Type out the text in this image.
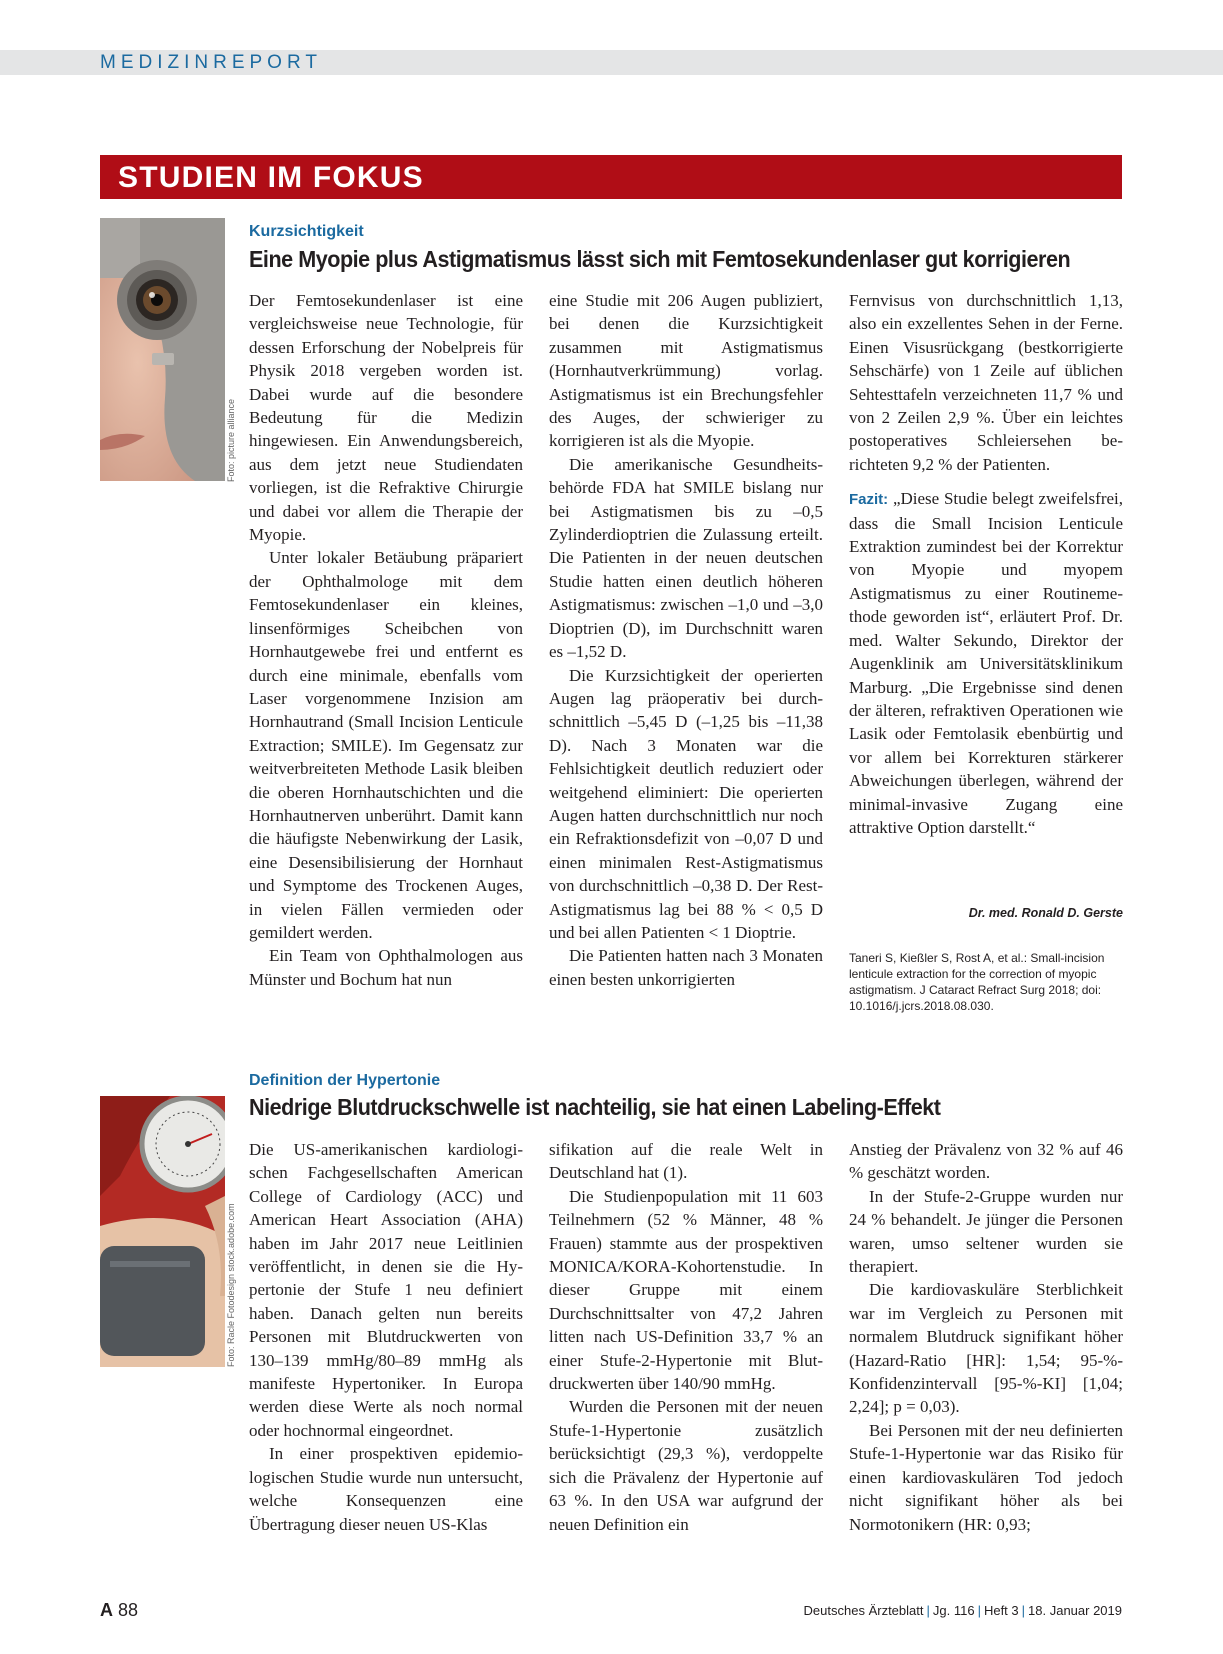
MEDIZINREPORT
STUDIEN IM FOKUS
Foto: picture alliance
Kurzsichtigkeit
Eine Myopie plus Astigmatismus lässt sich mit Femtosekundenlaser gut korrigieren

Der Femtosekundenlaser ist eine vergleichsweise neue Technologie, für dessen Erforschung der Nobelpreis für Physik 2018 vergeben worden ist. Dabei wurde auf die besondere Bedeutung für die Medizin hingewiesen. Ein Anwendungsbereich, aus dem jetzt neue Studiendaten vorliegen, ist die Refraktive Chirurgie und dabei vor allem die Therapie der Myopie.

Unter lokaler Betäubung präpariert der Ophthalmologe mit dem Femtosekundenlaser ein kleines, linsenförmiges Scheibchen von Hornhautgewebe frei und entfernt es durch eine minimale, ebenfalls vom Laser vorgenommene Inzision am Hornhautrand (Small Incision Lenticule Extraction; SMILE). Im Gegensatz zur weitverbreiteten Methode Lasik bleiben die oberen Hornhautschichten und die Hornhautnerven unberührt. Damit kann die häufigste Nebenwirkung der Lasik, eine Desensibilisierung der Hornhaut und Symptome des Trockenen Auges, in vielen Fällen vermieden oder gemildert werden.

Ein Team von Ophthalmologen aus Münster und Bochum hat nun

eine Studie mit 206 Augen publiziert, bei denen die Kurzsichtigkeit zusammen mit Astigmatismus (Hornhautverkrümmung) vorlag. Astigmatismus ist ein Brechungsfehler des Auges, der schwieriger zu korrigieren ist als die Myopie.

Die amerikanische Gesundheitsbehörde FDA hat SMILE bislang nur bei Astigmatismen bis zu –0,5 Zylinderdioptrien die Zulassung erteilt. Die Patienten in der neuen deutschen Studie hatten einen deutlich höheren Astigmatismus: zwischen –1,0 und –3,0 Dioptrien (D), im Durchschnitt waren es –1,52 D.

Die Kurzsichtigkeit der operierten Augen lag präoperativ bei durchschnittlich –5,45 D (–1,25 bis –11,38 D). Nach 3 Monaten war die Fehlsichtigkeit deutlich reduziert oder weitgehend eliminiert: Die operierten Augen hatten durchschnittlich nur noch ein Refraktionsdefizit von –0,07 D und einen minimalen Rest-Astigmatismus von durchschnittlich –0,38 D. Der Rest-Astigmatismus lag bei 88 % < 0,5 D und bei allen Patienten < 1 Dioptrie.

Die Patienten hatten nach 3 Monaten einen besten unkorrigierten

Fernvisus von durchschnittlich 1,13, also ein exzellentes Sehen in der Ferne. Einen Visusrückgang (bestkorrigierte Sehschärfe) von 1 Zeile auf üblichen Sehtesttafeln verzeichneten 11,7 % und von 2 Zeilen 2,9 %. Über ein leichtes postoperatives Schleiersehen berichteten 9,2 % der Patienten.

Fazit: „Diese Studie belegt zweifelsfrei, dass die Small Incision Lenticule Extraktion zumindest bei der Korrektur von Myopie und myopem Astigmatismus zu einer Routinemethode geworden ist“, erläutert Prof. Dr. med. Walter Sekundo, Direktor der Augenklinik am Universitätsklinikum Marburg. „Die Ergebnisse sind denen der älteren, refraktiven Operationen wie Lasik oder Femtolasik ebenbürtig und vor allem bei Korrekturen stärkerer Abweichungen überlegen, während der minimal-invasive Zugang eine attraktive Option darstellt.“

Dr. med. Ronald D. Gerste
Taneri S, Kießler S, Rost A, et al.: Small-incision lenticule extraction for the correction of myopic astigmatism. J Cataract Refract Surg 2018; doi: 10.1016/j.jcrs.2018.08.030.
Foto: Racle Fotodesign stock.adobe.com
Definition der Hypertonie
Niedrige Blutdruckschwelle ist nachteilig, sie hat einen Labeling-Effekt

Die US-amerikanischen kardiologischen Fachgesellschaften American College of Cardiology (ACC) und American Heart Association (AHA) haben im Jahr 2017 neue Leitlinien veröffentlicht, in denen sie die Hypertonie der Stufe 1 neu definiert haben. Danach gelten nun bereits Personen mit Blutdruckwerten von 130–139 mmHg/80–89 mmHg als manifeste Hypertoniker. In Europa werden diese Werte als noch normal oder hochnormal eingeordnet.

In einer prospektiven epidemiologischen Studie wurde nun untersucht, welche Konsequenzen eine Übertragung dieser neuen US-Klas

sifikation auf die reale Welt in Deutschland hat (1).

Die Studienpopulation mit 11 603 Teilnehmern (52 % Männer, 48 % Frauen) stammte aus der prospektiven MONICA/KORA-Kohortenstudie. In dieser Gruppe mit einem Durchschnittsalter von 47,2 Jahren litten nach US-Definition 33,7 % an einer Stufe-2-Hypertonie mit Blutdruckwerten über 140/90 mmHg.

Wurden die Personen mit der neuen Stufe-1-Hypertonie zusätzlich berücksichtigt (29,3 %), verdoppelte sich die Prävalenz der Hypertonie auf 63 %. In den USA war aufgrund der neuen Definition ein

Anstieg der Prävalenz von 32 % auf 46 % geschätzt worden.

In der Stufe-2-Gruppe wurden nur 24 % behandelt. Je jünger die Personen waren, umso seltener wurden sie therapiert.

Die kardiovaskuläre Sterblichkeit war im Vergleich zu Personen mit normalem Blutdruck signifikant höher (Hazard-Ratio [HR]: 1,54; 95-%-Konfidenzintervall [95-%-KI] [1,04; 2,24]; p = 0,03).

Bei Personen mit der neu definierten Stufe-1-Hypertonie war das Risiko für einen kardiovaskulären Tod jedoch nicht signifikant höher als bei Normotonikern (HR: 0,93;

A 88	Deutsches Ärzteblatt | Jg. 116 | Heft 3 | 18. Januar 2019
